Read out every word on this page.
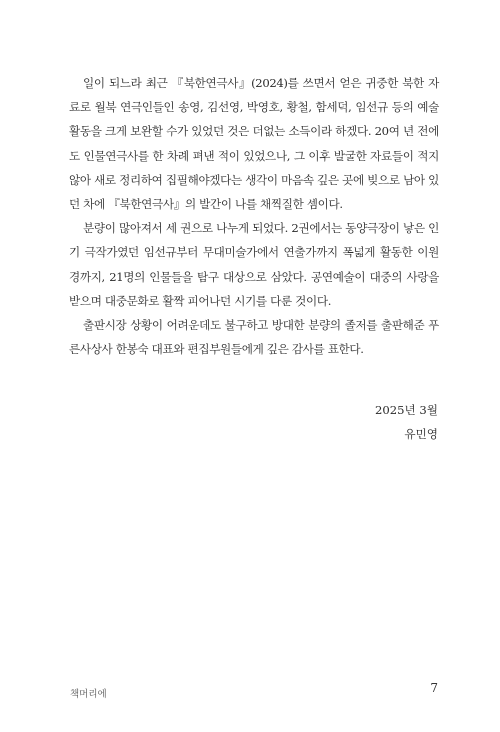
일이 되느라 최근 『북한연극사』(2024)를 쓰면서 얻은 귀중한 북한 자료로 월북 연극인들인 송영, 김선영, 박영호, 황철, 함세덕, 임선규 등의 예술 활동을 크게 보완할 수가 있었던 것은 더없는 소득이라 하겠다. 20여 년 전에도 인물연극사를 한 차례 펴낸 적이 있었으나, 그 이후 발굴한 자료들이 적지 않아 새로 정리하여 집필해야겠다는 생각이 마음속 깊은 곳에 빚으로 남아 있던 차에 『북한연극사』의 발간이 나를 채찍질한 셈이다.

분량이 많아져서 세 권으로 나누게 되었다. 2권에서는 동양극장이 낳은 인기 극작가였던 임선규부터 무대미술가에서 연출가까지 폭넓게 활동한 이원경까지, 21명의 인물들을 탐구 대상으로 삼았다. 공연예술이 대중의 사랑을 받으며 대중문화로 활짝 피어나던 시기를 다룬 것이다.

출판시장 상황이 어려운데도 불구하고 방대한 분량의 졸저를 출판해준 푸른사상사 한봉숙 대표와 편집부원들에게 깊은 감사를 표한다.

2025년 3월
유민영
책머리에	7
